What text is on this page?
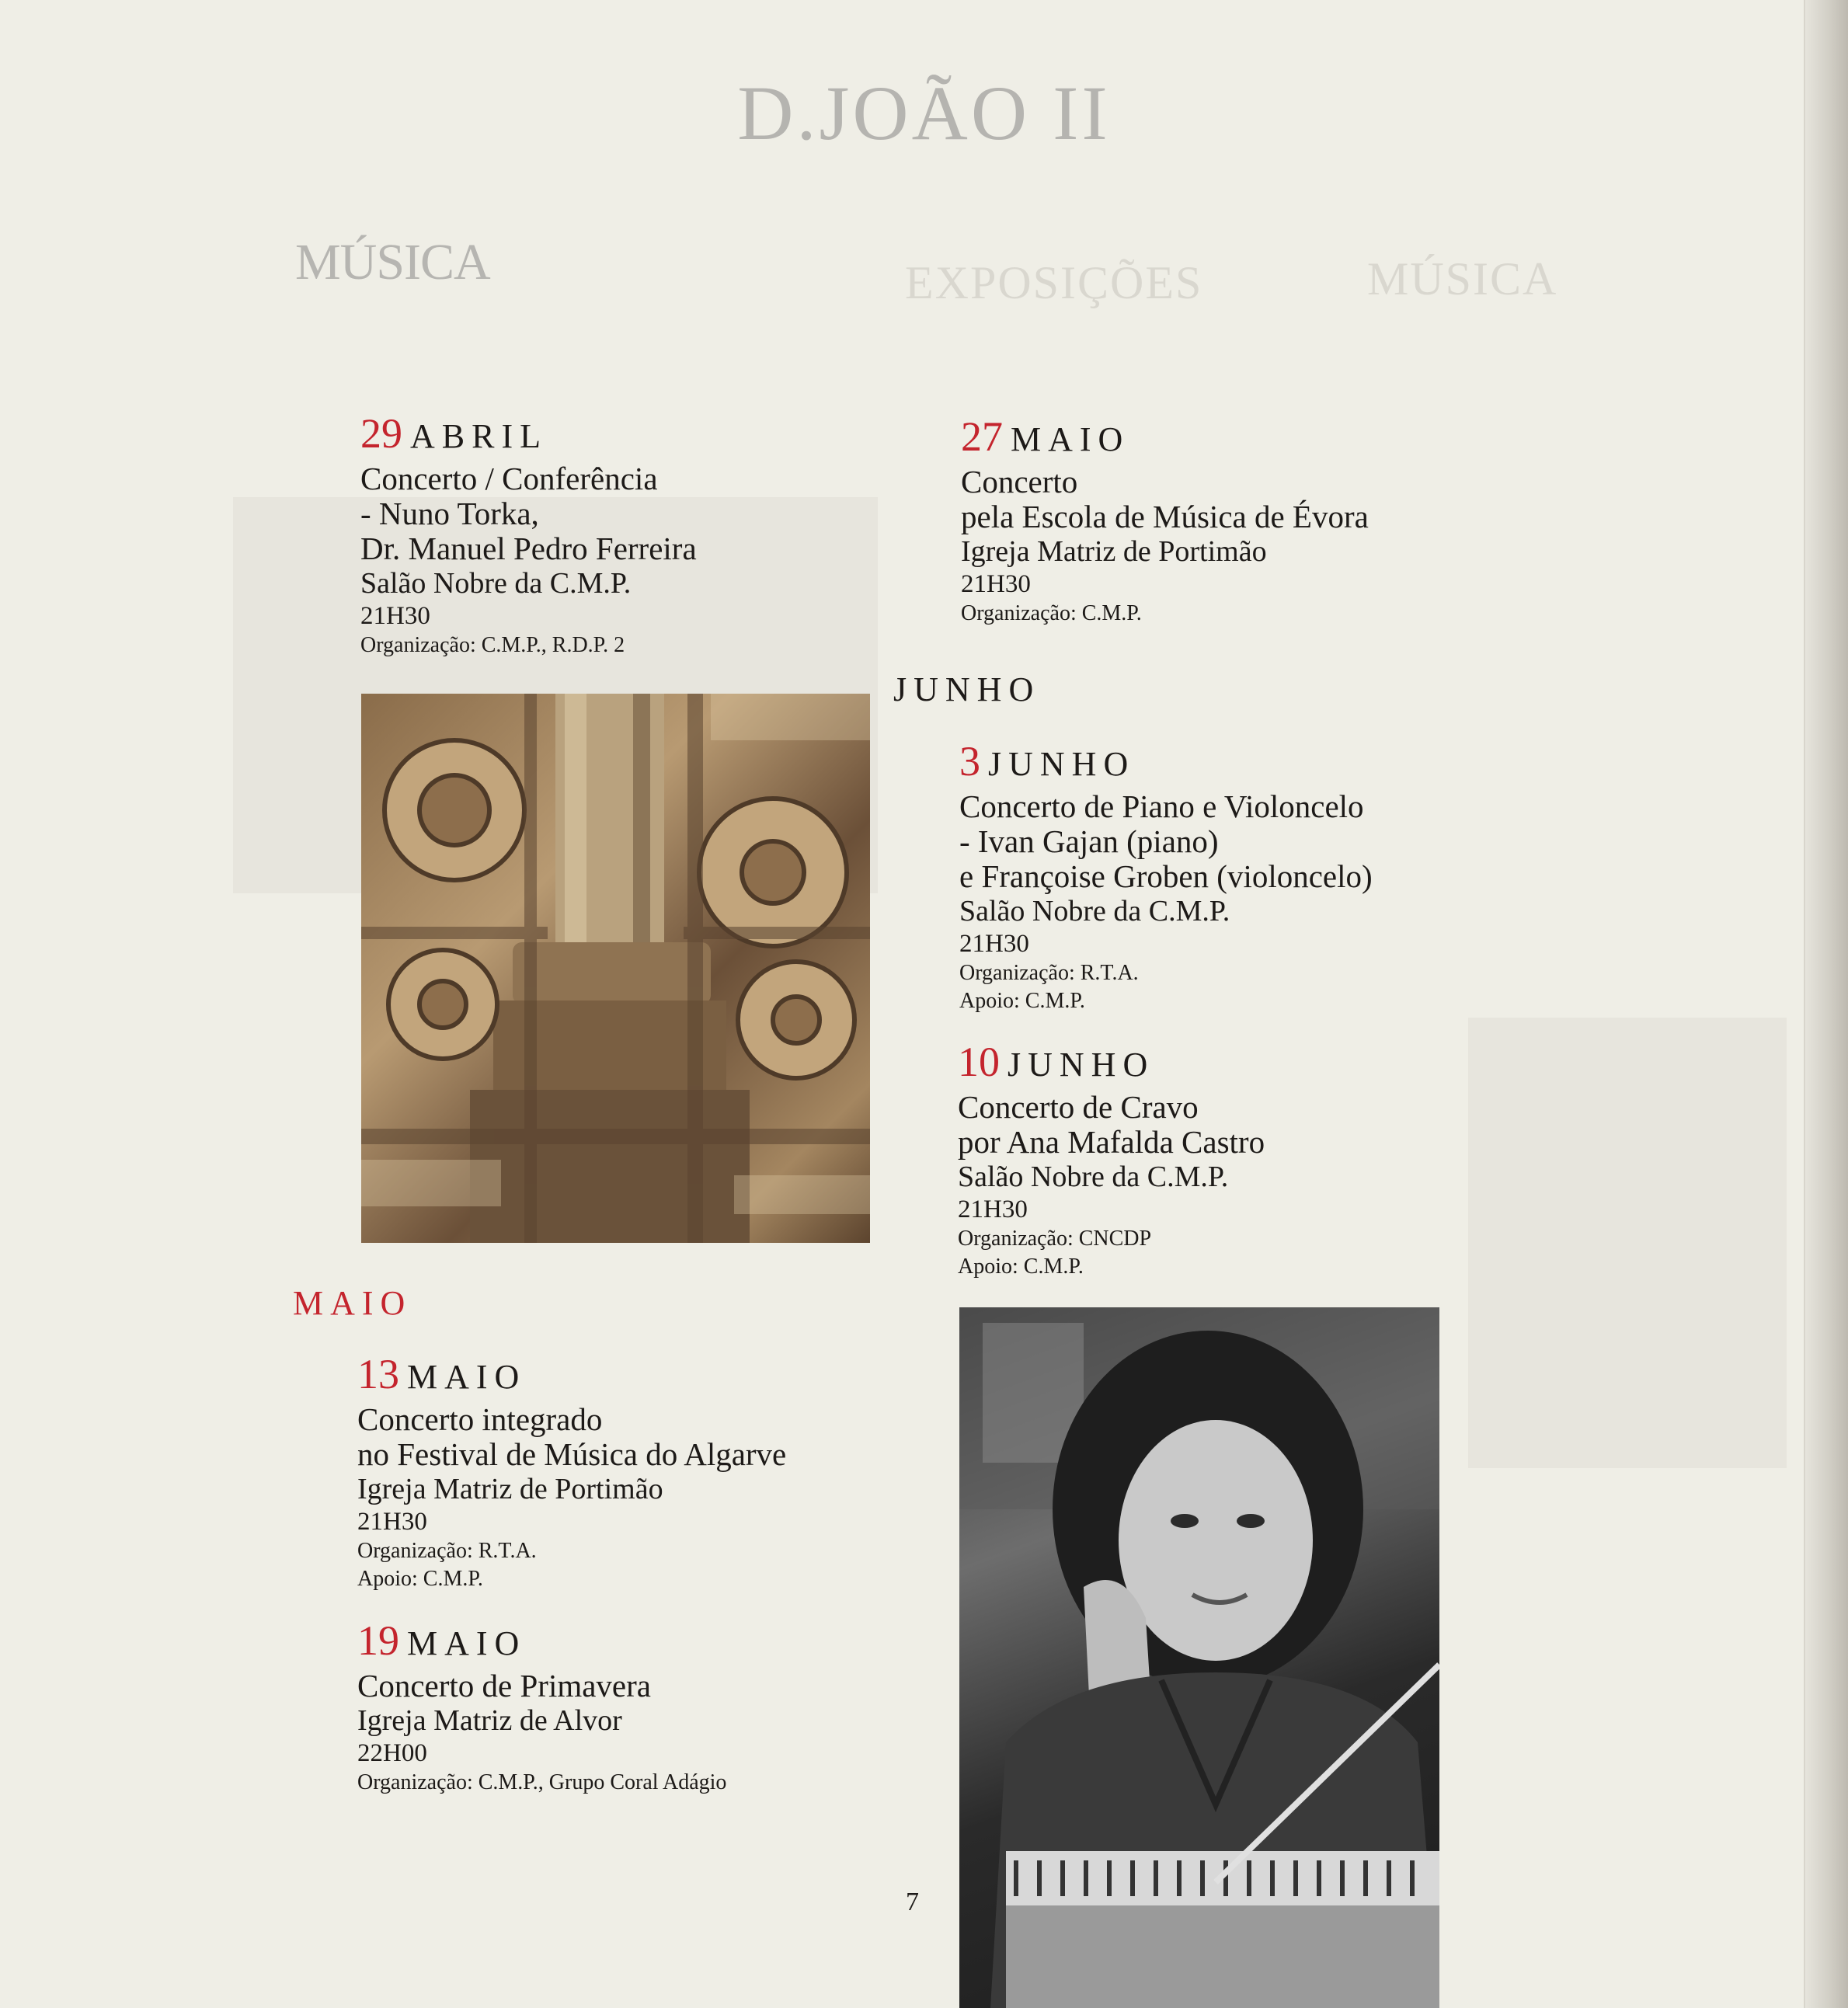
EXPOSIÇÕES	MÚSICA
D.JOÃO II
MÚSICA
29 ABRIL
Concerto / Conferência
- Nuno Torka,
Dr. Manuel Pedro Ferreira
Salão Nobre da C.M.P.
21H30
Organização: C.M.P., R.D.P. 2
27 MAIO
Concerto
pela Escola de Música de Évora
Igreja Matriz de Portimão
21H30
Organização: C.M.P.
JUNHO
3 JUNHO
Concerto de Piano e Violoncelo
- Ivan Gajan (piano)
e Françoise Groben (violoncelo)
Salão Nobre da C.M.P.
21H30
Organização: R.T.A.
Apoio: C.M.P.
10 JUNHO
Concerto de Cravo
por Ana Mafalda Castro
Salão Nobre da C.M.P.
21H30
Organização: CNCDP
Apoio: C.M.P.
MAIO
13 MAIO
Concerto integrado
no Festival de Música do Algarve
Igreja Matriz de Portimão
21H30
Organização: R.T.A.
Apoio: C.M.P.
19 MAIO
Concerto de Primavera
Igreja Matriz de Alvor
22H00
Organização: C.M.P., Grupo Coral Adágio
7
